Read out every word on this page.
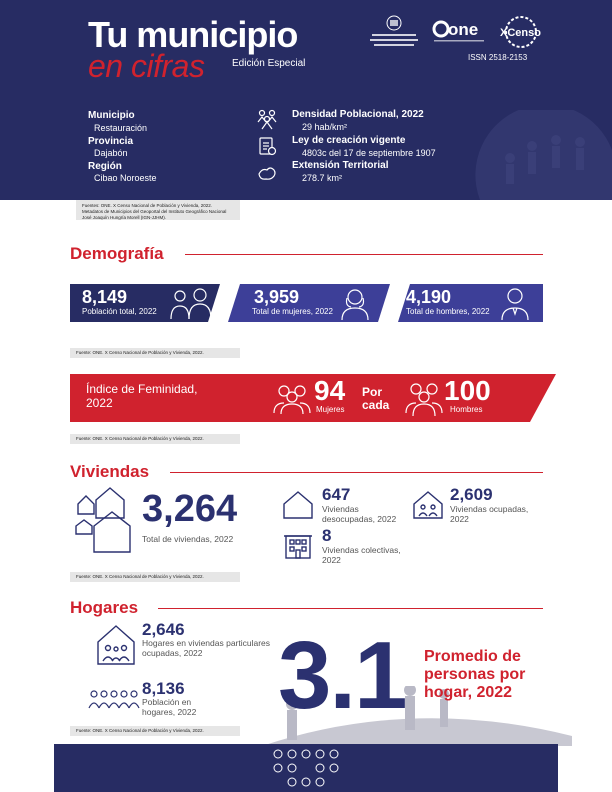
Tu municipio
en cifras	Edición Especial
one XCenso
ISSN 2518-2153
Municipio
Restauración
Provincia
Dajabón
Región
Cibao Noroeste
Densidad Poblacional, 2022
29 hab/km²
Ley de creación vigente
4803c del 17 de septiembre 1907
Extensión Territorial
278.7 km²
Fuentes: ONE. X Censo Nacional de Población y Vivienda, 2022.
Metadatos de Municipios del Geoportal del Instituto Geográfico Nacional José Joaquín Hungría Morell (IGN-JJHM).
Demografía
8,149
Población total, 2022
3,959
Total de mujeres, 2022
4,190
Total de hombres, 2022
Fuente: ONE. X Censo Nacional de Población y Vivienda, 2022.
Índice de Feminidad, 2022	94
Mujeres
Por cada	100
Hombres
Fuente: ONE. X Censo Nacional de Población y Vivienda, 2022.
Viviendas
3,264
Total de viviendas, 2022
647
Viviendas desocupadas, 2022
2,609
Viviendas ocupadas, 2022
8
Viviendas colectivas, 2022
Fuente: ONE. X Censo Nacional de Población y Vivienda, 2022.
Hogares
2,646
Hogares en viviendas particulares ocupadas, 2022
8,136
Población en hogares, 2022 3.1 Promedio de personas por hogar, 2022
Fuente: ONE. X Censo Nacional de Población y Vivienda, 2022.
